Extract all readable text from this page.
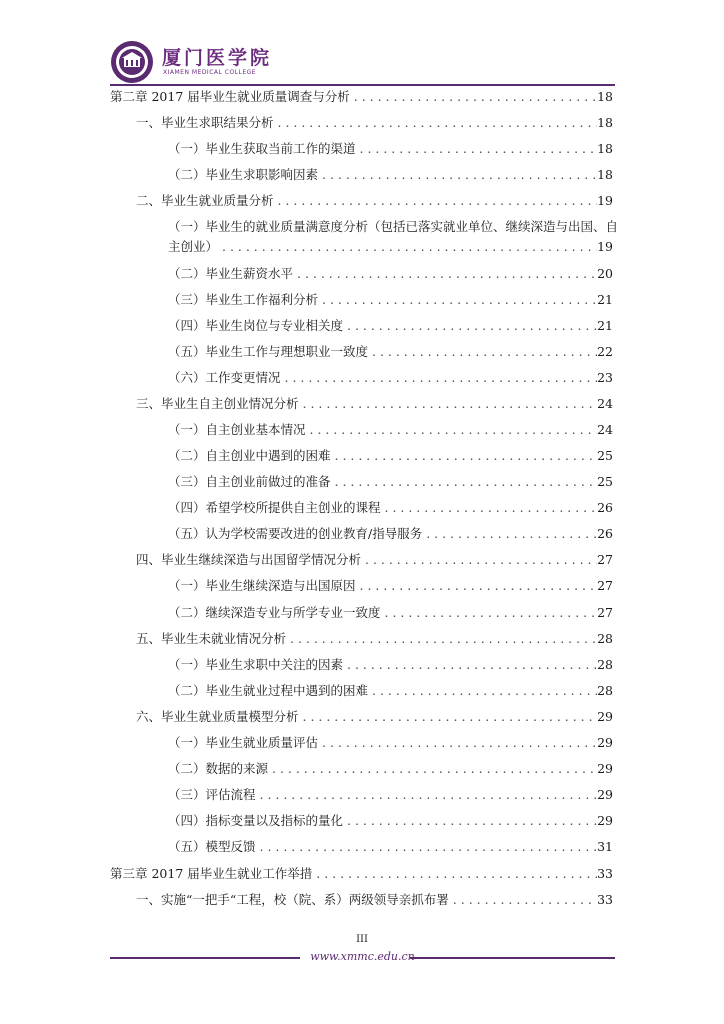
厦门医学院
XIAMEN MEDICAL COLLEGE
第二章 2017 届毕业生就业质量调查与分析 . . .	18
一、毕业生求职结果分析 . . .	18
（一）毕业生获取当前工作的渠道 . . .	18
（二）毕业生求职影响因素 . . .	18
二、毕业生就业质量分析 . . .	19
（一）毕业生的就业质量满意度分析（包括已落实就业单位、继续深造与出国、自
主创业） . . .	19
（二）毕业生薪资水平 . . .	20
（三）毕业生工作福利分析 . . .	21
（四）毕业生岗位与专业相关度 . . .	21
（五）毕业生工作与理想职业一致度 . . .	22
（六）工作变更情况 . . .	23
三、毕业生自主创业情况分析 . . .	24
（一）自主创业基本情况 . . .	24
（二）自主创业中遇到的困难 . . .	25
（三）自主创业前做过的准备 . . .	25
（四）希望学校所提供自主创业的课程 . . .	26
（五）认为学校需要改进的创业教育/指导服务 . . .	26
四、毕业生继续深造与出国留学情况分析 . . .	27
（一）毕业生继续深造与出国原因 . . .	27
（二）继续深造专业与所学专业一致度 . . .	27
五、毕业生未就业情况分析 . . .	28
（一）毕业生求职中关注的因素 . . .	28
（二）毕业生就业过程中遇到的困难 . . .	28
六、毕业生就业质量模型分析 . . .	29
（一）毕业生就业质量评估 . . .	29
（二）数据的来源 . . .	29
（三）评估流程 . . .	29
（四）指标变量以及指标的量化 . . .	29
（五）模型反馈 . . .	31
第三章 2017 届毕业生就业工作举措 . . .	33
一、实施“一把手“工程，校（院、系）两级领导亲抓布署 . . .	33
III
www.xmmc.edu.cn
